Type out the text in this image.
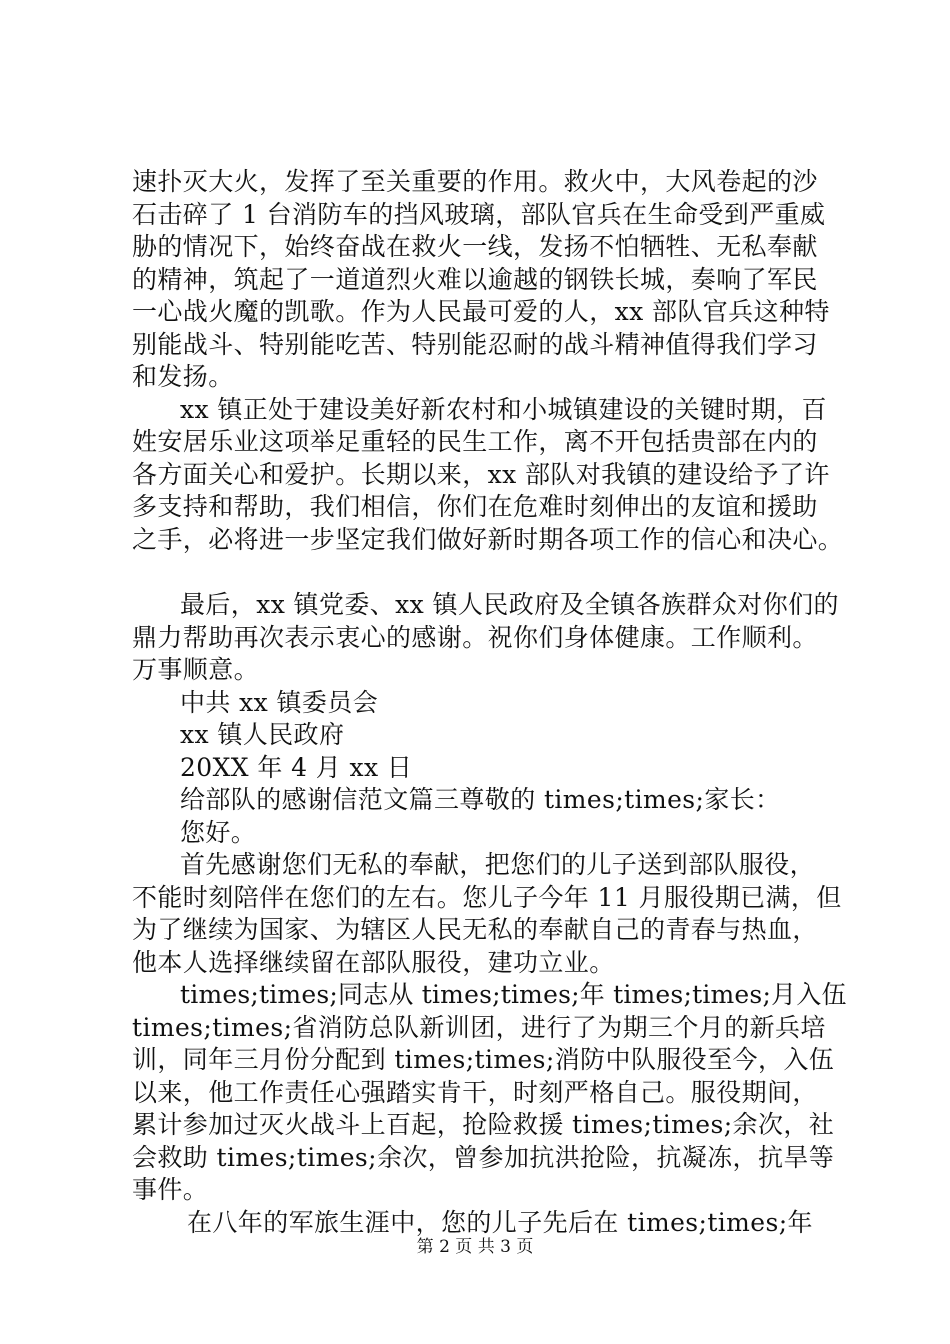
速扑灭大火，发挥了至关重要的作用。救火中，大风卷起的沙
石击碎了 1 台消防车的挡风玻璃，部队官兵在生命受到严重威
胁的情况下，始终奋战在救火一线，发扬不怕牺牲、无私奉献
的精神，筑起了一道道烈火难以逾越的钢铁长城，奏响了军民
一心战火魔的凯歌。作为人民最可爱的人，xx 部队官兵这种特
别能战斗、特别能吃苦、特别能忍耐的战斗精神值得我们学习
和发扬。
xx 镇正处于建设美好新农村和小城镇建设的关键时期，百
姓安居乐业这项举足重轻的民生工作，离不开包括贵部在内的
各方面关心和爱护。长期以来，xx 部队对我镇的建设给予了许
多支持和帮助，我们相信，你们在危难时刻伸出的友谊和援助
之手，必将进一步坚定我们做好新时期各项工作的信心和决心。
最后，xx 镇党委、xx 镇人民政府及全镇各族群众对你们的
鼎力帮助再次表示衷心的感谢。祝你们身体健康。工作顺利。
万事顺意。
中共 xx 镇委员会
xx 镇人民政府
20XX 年 4 月 xx 日
给部队的感谢信范文篇三尊敬的 times;times;家长：
您好。
首先感谢您们无私的奉献，把您们的儿子送到部队服役，
不能时刻陪伴在您们的左右。您儿子今年 11 月服役期已满，但
为了继续为国家、为辖区人民无私的奉献自己的青春与热血，
他本人选择继续留在部队服役，建功立业。
times;times;同志从 times;times;年 times;times;月入伍
times;times;省消防总队新训团，进行了为期三个月的新兵培
训，同年三月份分配到 times;times;消防中队服役至今，入伍
以来，他工作责任心强踏实肯干，时刻严格自己。服役期间，
累计参加过灭火战斗上百起，抢险救援 times;times;余次，社
会救助 times;times;余次，曾参加抗洪抢险，抗凝冻，抗旱等
事件。
在八年的军旅生涯中，您的儿子先后在 times;times;年
第 2 页 共 3 页
